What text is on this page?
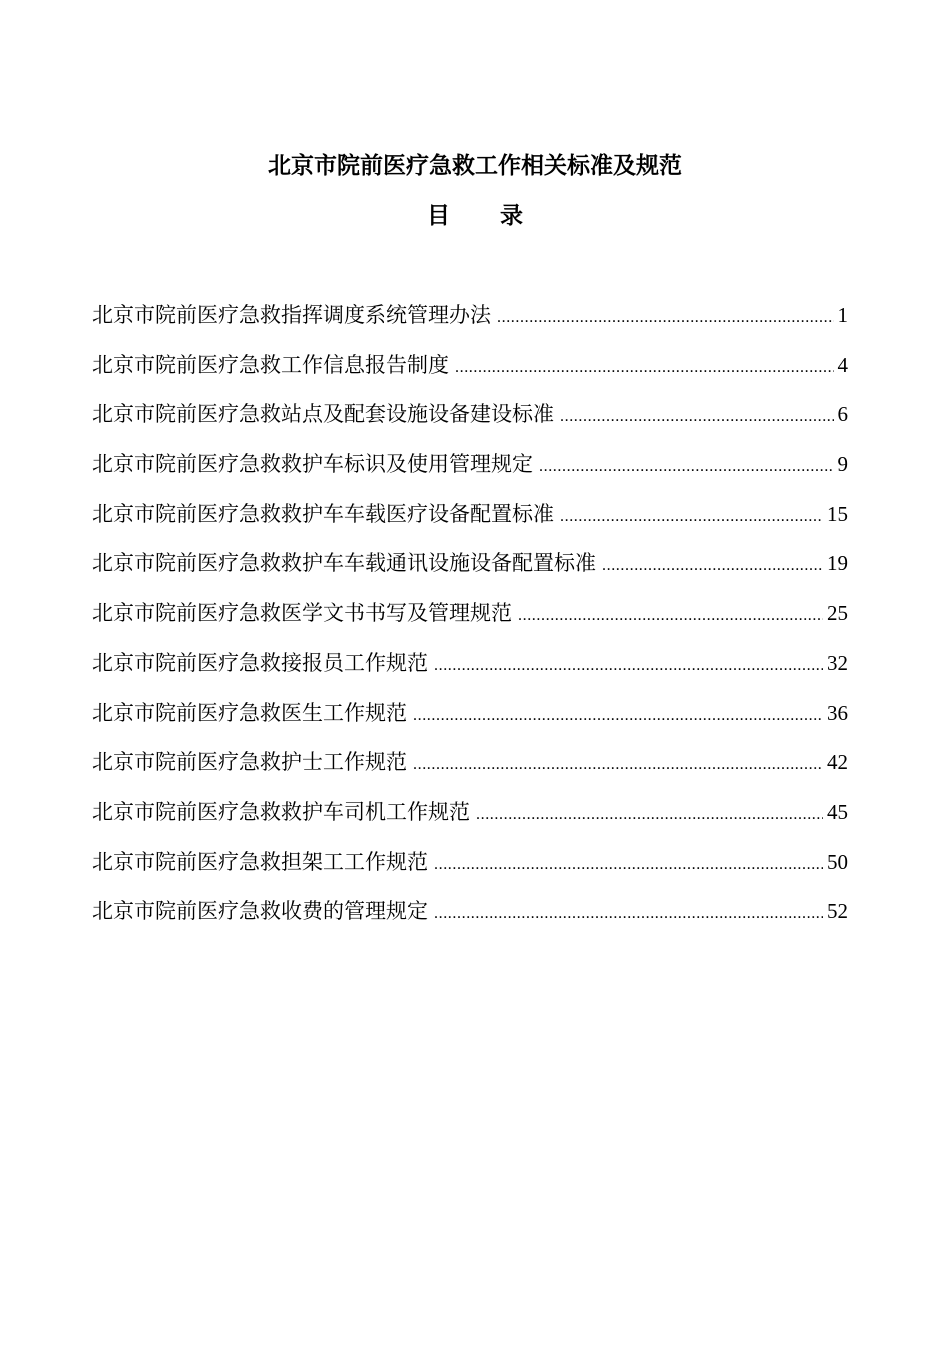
北京市院前医疗急救工作相关标准及规范
目录
北京市院前医疗急救指挥调度系统管理办法 .....	1
北京市院前医疗急救工作信息报告制度 .....	4
北京市院前医疗急救站点及配套设施设备建设标准 .....	6
北京市院前医疗急救救护车标识及使用管理规定 .....	9
北京市院前医疗急救救护车车载医疗设备配置标准 .....	15
北京市院前医疗急救救护车车载通讯设施设备配置标准 .....	19
北京市院前医疗急救医学文书书写及管理规范 .....	25
北京市院前医疗急救接报员工作规范 .....	32
北京市院前医疗急救医生工作规范 .....	36
北京市院前医疗急救护士工作规范 .....	42
北京市院前医疗急救救护车司机工作规范 .....	45
北京市院前医疗急救担架工工作规范 .....	50
北京市院前医疗急救收费的管理规定 .....	52
